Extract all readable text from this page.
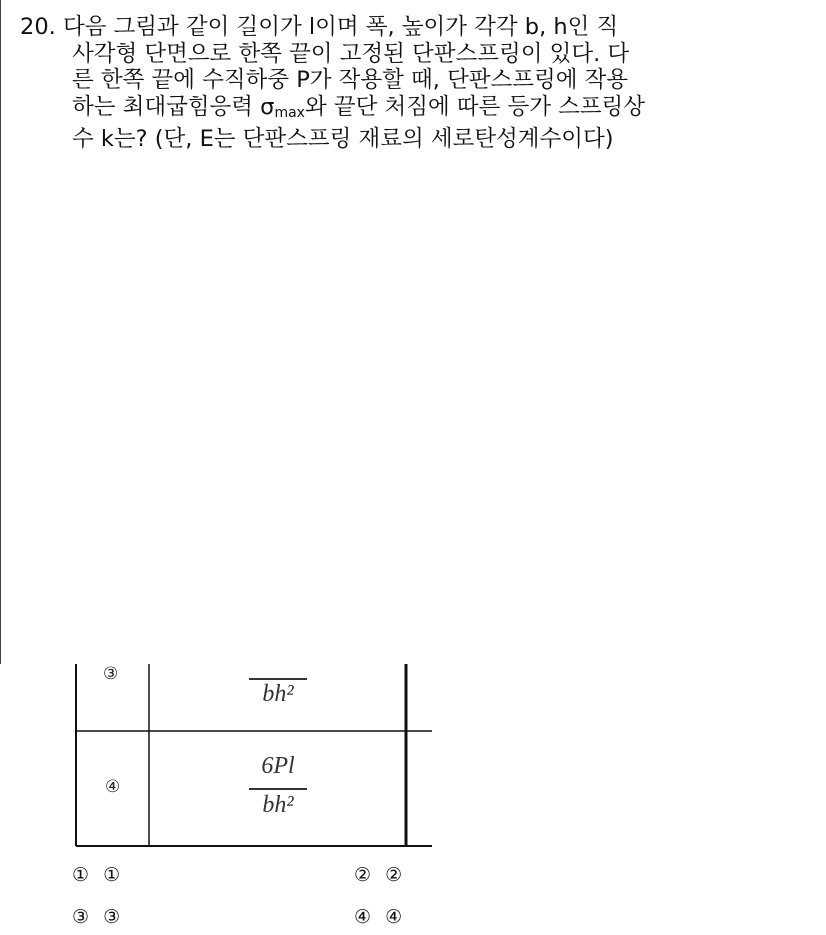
20. 다음 그림과 같이 길이가 l이며 폭, 높이가 각각 b, h인 직
사각형 단면으로 한쪽 끝이 고정된 단판스프링이 있다. 다
른 한쪽 끝에 수직하중 P가 작용할 때, 단판스프링에 작용
하는 최대굽힘응력 $\sigma_{max}$와 끝단 처짐에 따른 등가 스프링상
수 k는? (단, E는 단판스프링 재료의 세로탄성계수이다)
③
bh²
④
6Pl
bh²
① ①	② ②
③ ③	④ ④
